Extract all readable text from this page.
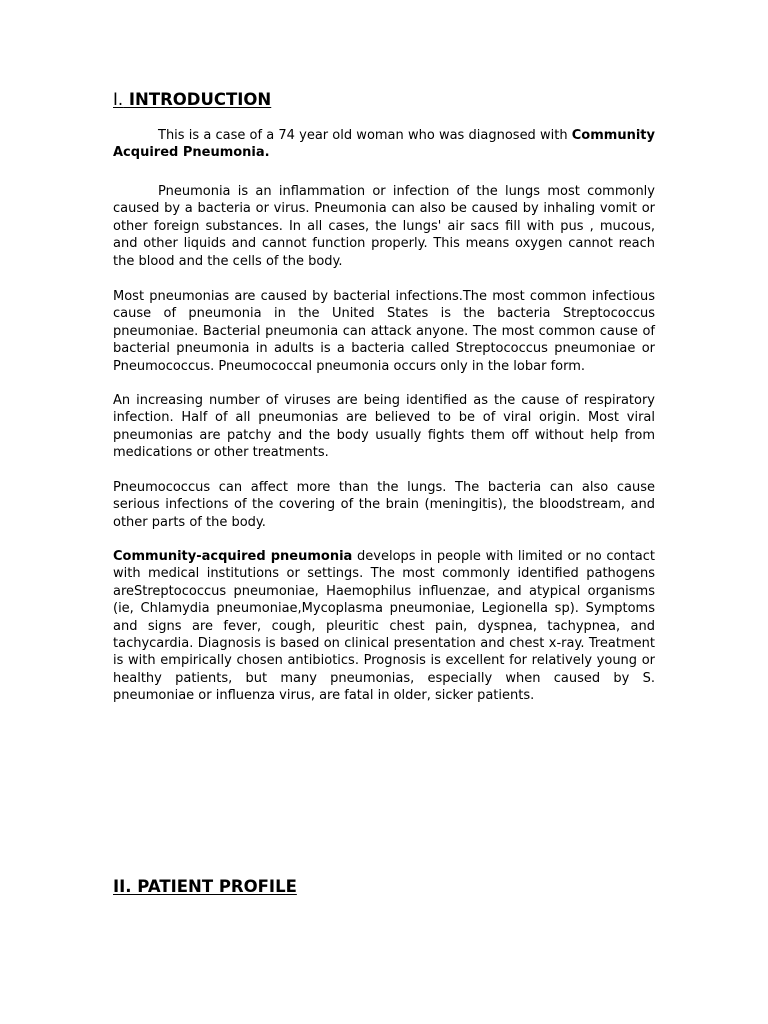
I. INTRODUCTION

This is a case of a 74 year old woman who was diagnosed with Community Acquired Pneumonia.

Pneumonia is an inflammation or infection of the lungs most commonly caused by a bacteria or virus. Pneumonia can also be caused by inhaling vomit or other foreign substances. In all cases, the lungs' air sacs fill with pus , mucous, and other liquids and cannot function properly. This means oxygen cannot reach the blood and the cells of the body.

Most pneumonias are caused by bacterial infections.The most common infectious cause of pneumonia in the United States is the bacteria Streptococcus pneumoniae. Bacterial pneumonia can attack anyone. The most common cause of bacterial pneumonia in adults is a bacteria called Streptococcus pneumoniae or Pneumococcus. Pneumococcal pneumonia occurs only in the lobar form.

An increasing number of viruses are being identified as the cause of respiratory infection. Half of all pneumonias are believed to be of viral origin. Most viral pneumonias are patchy and the body usually fights them off without help from medications or other treatments.

Pneumococcus can affect more than the lungs. The bacteria can also cause serious infections of the covering of the brain (meningitis), the bloodstream, and other parts of the body.

Community-acquired pneumonia develops in people with limited or no contact with medical institutions or settings. The most commonly identified pathogens areStreptococcus pneumoniae, Haemophilus influenzae, and atypical organisms (ie, Chlamydia pneumoniae,Mycoplasma pneumoniae, Legionella sp). Symptoms and signs are fever, cough, pleuritic chest pain, dyspnea, tachypnea, and tachycardia. Diagnosis is based on clinical presentation and chest x-ray. Treatment is with empirically chosen antibiotics. Prognosis is excellent for relatively young or healthy patients, but many pneumonias, especially when caused by S. pneumoniae or influenza virus, are fatal in older, sicker patients.

II. PATIENT PROFILE
